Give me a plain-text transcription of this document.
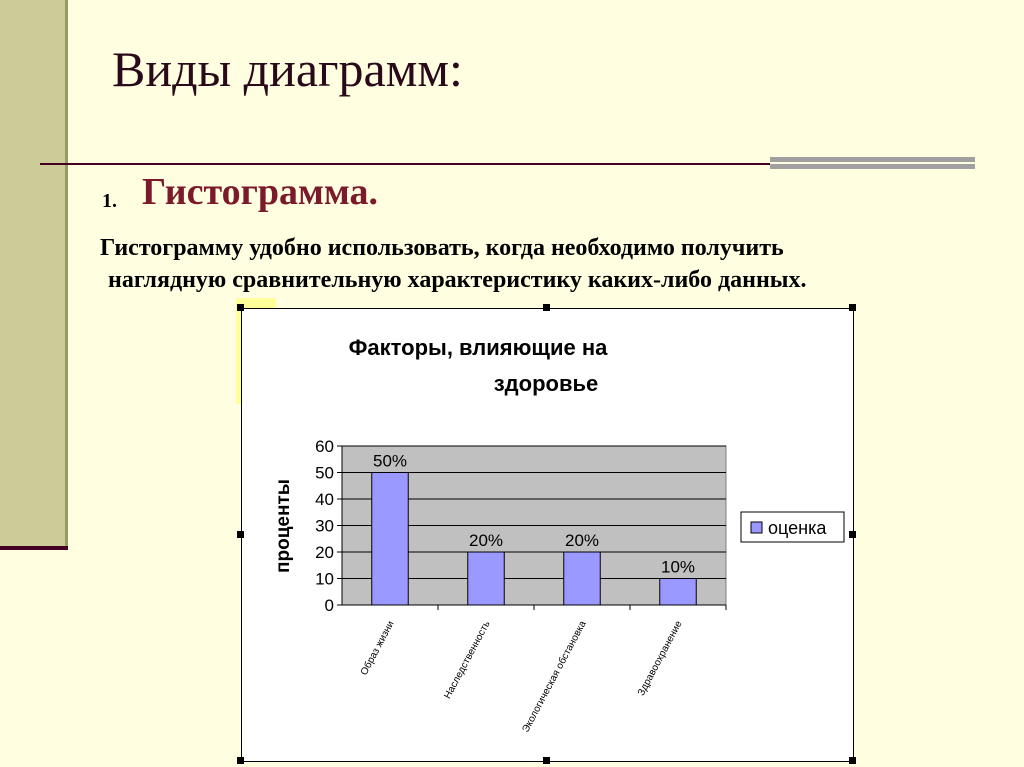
Виды диаграмм:
1. Гистограмма.
Гистограмму удобно использовать, когда необходимо получить
наглядную сравнительную характеристику каких-либо данных.
Факторы, влияющие на
здоровье
0
10
20
30
40
50
60
50%
Образ жизни
20%
Наследственность
20%
Экологическая обстановка
10%
Здравоохранение
проценты	оценка
